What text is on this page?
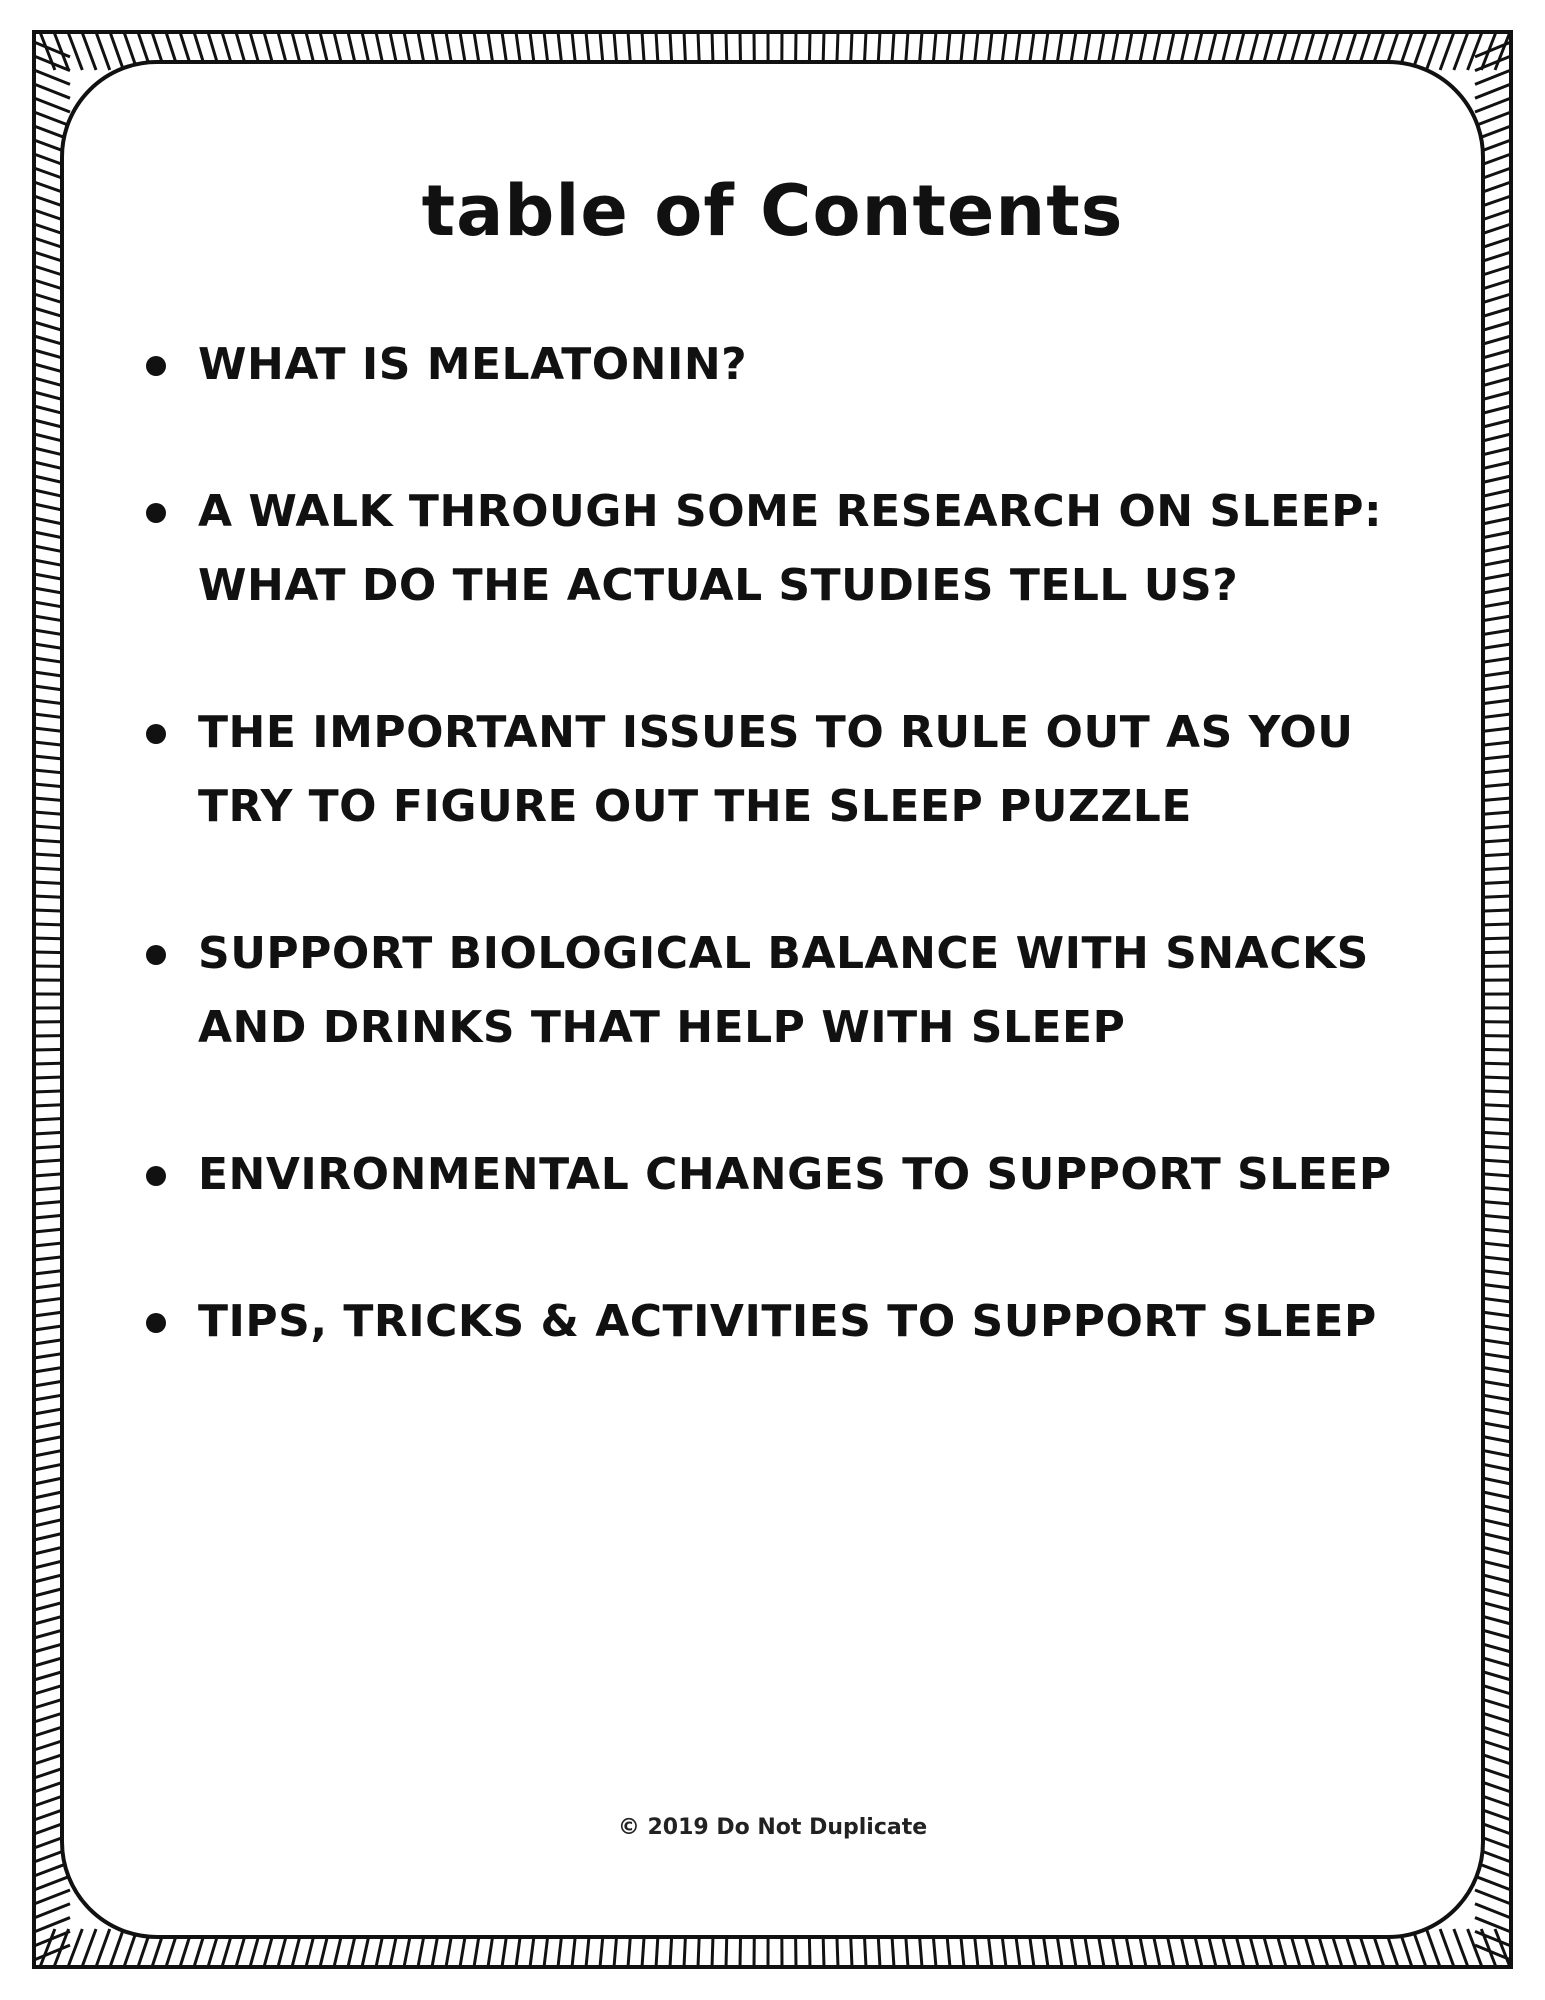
table of Contents
WHAT IS MELATONIN?
A WALK THROUGH SOME RESEARCH ON SLEEP: WHAT DO THE ACTUAL STUDIES TELL US?
THE IMPORTANT ISSUES TO RULE OUT AS YOU TRY TO FIGURE OUT THE SLEEP PUZZLE
SUPPORT BIOLOGICAL BALANCE WITH SNACKS AND DRINKS THAT HELP WITH SLEEP
ENVIRONMENTAL CHANGES TO SUPPORT SLEEP
TIPS, TRICKS & ACTIVITIES TO SUPPORT SLEEP
© 2019 Do Not Duplicate
